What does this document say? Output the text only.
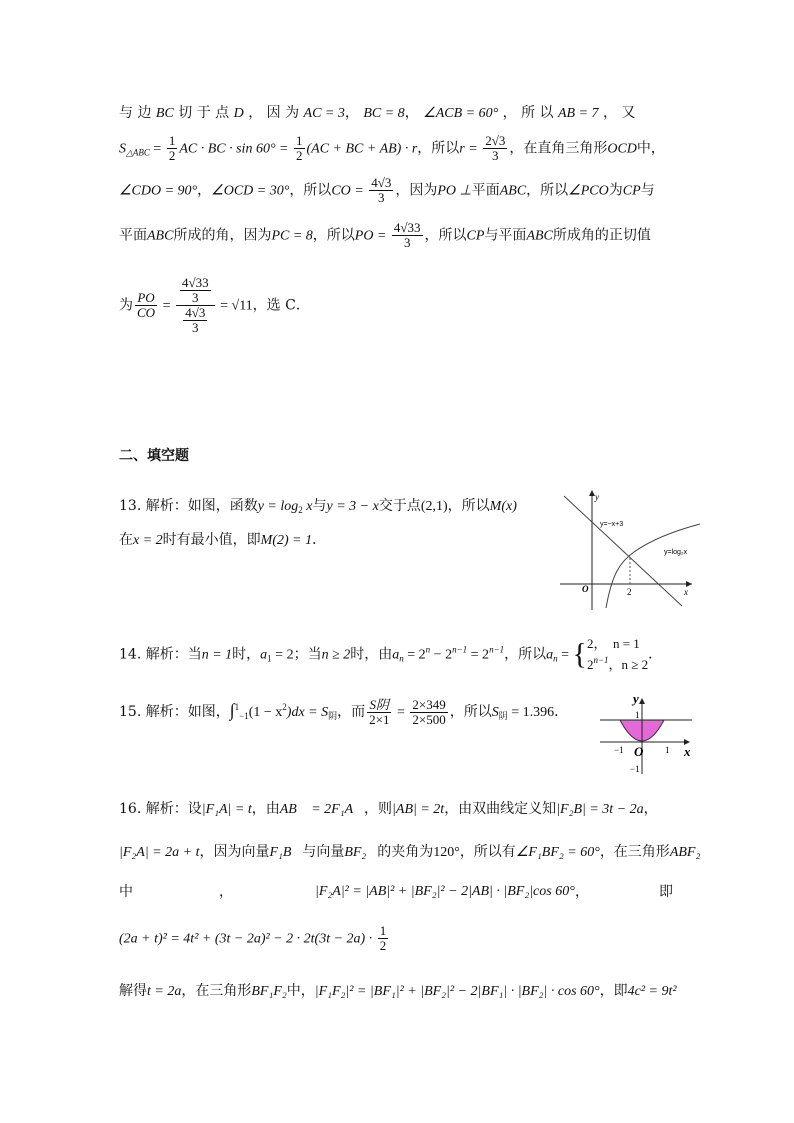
与 边 BC 切 于 点 D ， 因 为 AC = 3， BC = 8， ∠ACB = 60° ， 所 以 AB = 7 ， 又
$S_{\triangle ABC} = \frac{1}{2}$ AC · BC · $\sin 60^\circ = \frac{1}{2} (AC$ + BC + AB) · r，所以$r = \frac{2√3}{3}$ ，在直角三角形OCD中，
∠CDO = 90°，∠OCD = 30°，所以CO = $\frac{4√3}{3}$ ，因为PO ⊥平面ABC，所以∠PCO为CP与
平面ABC所成的角，因为PC = 8，所以PO = $\frac{4√33}{3}$ ，所以CP与平面ABC所成角的正切值
为 $\frac{PO}{CO} = \frac{\frac{4√33}{3}}{\frac{4√3}{3}} = √11$，选 C．
二、填空题
13. 解析：如图，函数$y = \log_2 x$与y = 3 − x交于点(2,1)，所以M(x)
在x = 2时有最小值，即M(2) = 1．
y
x
O	2
y=−x+3
y=log₂x
14. 解析：当n = 1时，$a_1 = 2$；当n ≥ 2时，由$a_n = 2^n - 2^{n-1} = 2^{n-1}$，所以$a_n$ = { 2，　n = 1
$2^{n-1}$，n ≥ 2
．
15. 解析：如图，$\int^1_{-1}(1 - x^2)dx = S_阴$，而 $\frac{\text{S阴}}{2\times 1} = \frac{2\times 349}{2\times 500}$ ，所以$S_阴 = 1.396$．
y
x
O
−1	1
1
−1
16. 解析：设|F₁A| = t，由AB⃗ = 2F₁A⃗，则|AB| = 2t，由双曲线定义知|F₂B| = 3t − 2a，
|F₂A| = 2a + t，因为向量F₁B⃗与向量BF₂⃗的夹角为120°，所以有∠F₁BF₂ = 60°，在三角形ABF₂
中	，	|F₂A|² = |AB|² + |BF₂|² − 2|AB| · |BF₂|cos 60° ，	即
$(2a + t)^2 = 4t^2 + (3t - 2a)^2 - 2 \cdot 2t(3t - 2a) \cdot \frac{1}{2}$
解得t = 2a，在三角形BF₁F₂中，|F₁F₂|² = |BF₁|² + |BF₂|² − 2|BF₁| · |BF₂| · cos 60°，即4c² = 9t²
